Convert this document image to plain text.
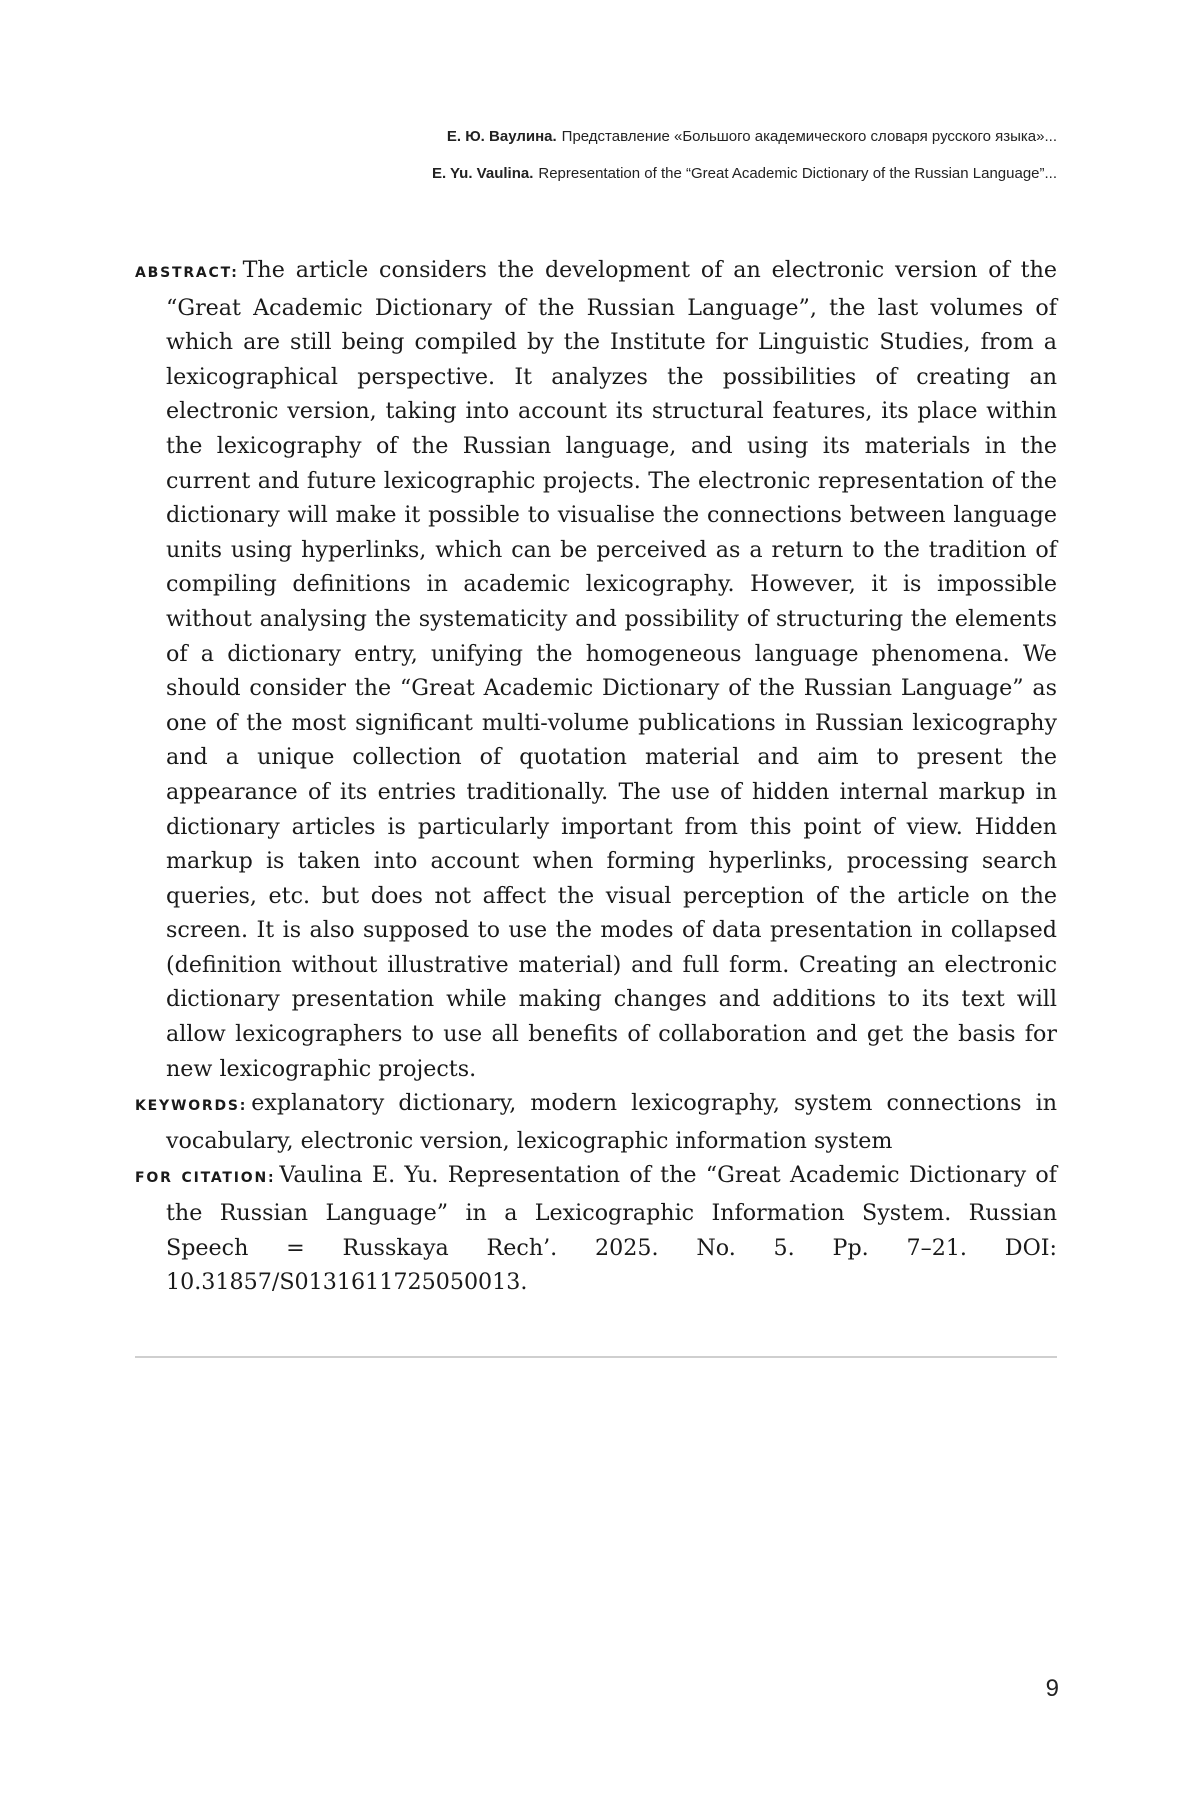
Е. Ю. Ваулина. Представление «Большого академического словаря русского языка»...
E. Yu. Vaulina. Representation of the “Great Academic Dictionary of the Russian Language”...

ABSTRACT: The article considers the development of an electronic version of the “Great Academic Dictionary of the Russian Language”, the last volumes of which are still being compiled by the Institute for Linguistic Studies, from a lexicographical perspective. It analyzes the possibilities of creating an electronic version, taking into account its structural features, its place within the lexicography of the Russian language, and using its materials in the current and future lexicographic projects. The electronic representation of the dictionary will make it possible to visualise the connections between language units using hyperlinks, which can be perceived as a return to the tradition of compiling definitions in academic lexicography. However, it is impossible without analysing the systematicity and possibility of structuring the elements of a dictionary entry, unifying the homogeneous language phenomena. We should consider the “Great Academic Dictionary of the Russian Language” as one of the most significant multi-volume publications in Russian lexicography and a unique collection of quotation material and aim to present the appearance of its entries traditionally. The use of hidden internal markup in dictionary articles is particularly important from this point of view. Hidden markup is taken into account when forming hyperlinks, processing search queries, etc. but does not affect the visual perception of the article on the screen. It is also supposed to use the modes of data presentation in collapsed (definition without illustrative material) and full form. Creating an electronic dictionary presentation while making changes and additions to its text will allow lexicographers to use all benefits of collaboration and get the basis for new lexicographic projects.

KEYWORDS: explanatory dictionary, modern lexicography, system connections in vocabulary, electronic version, lexicographic information system

FOR CITATION: Vaulina E. Yu. Representation of the “Great Academic Dictionary of the Russian Language” in a Lexicographic Information System. Russian Speech = Russkaya Rech’. 2025. No. 5. Pp. 7–21. DOI: 10.31857/S0131611725050013.

9
